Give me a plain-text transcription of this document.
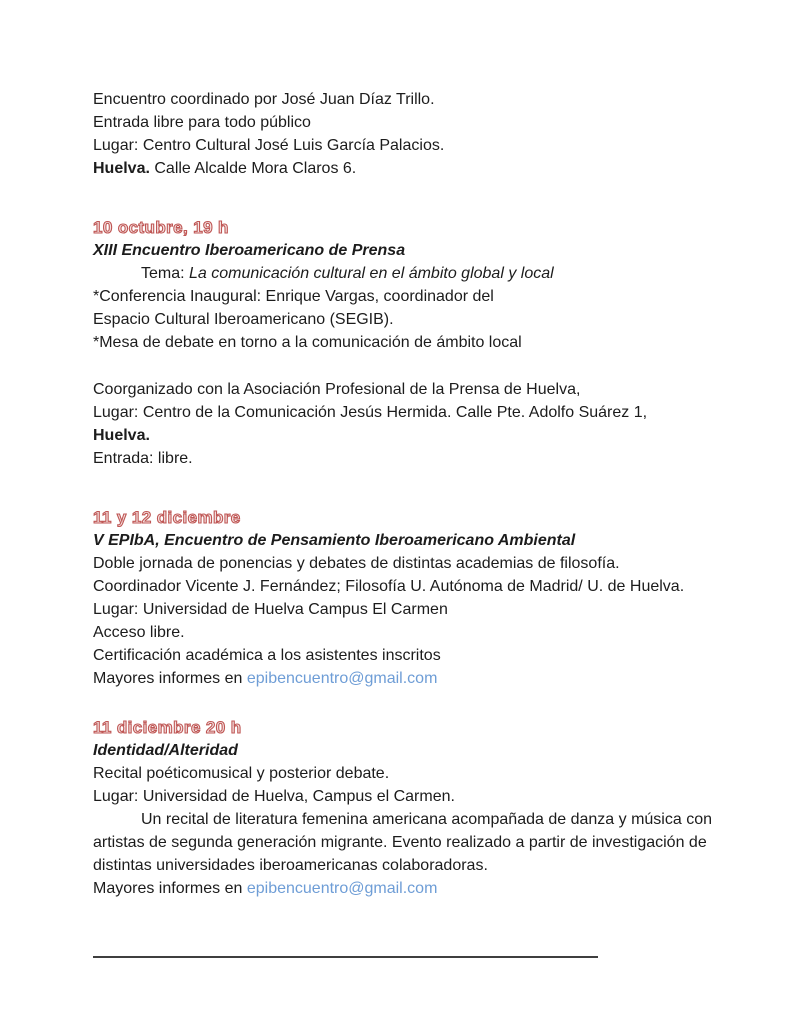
Encuentro coordinado por José Juan Díaz Trillo.
Entrada libre para todo público
Lugar: Centro Cultural José Luis García Palacios.
Huelva. Calle Alcalde Mora Claros 6.
10 octubre, 19 h
XIII Encuentro Iberoamericano de Prensa
Tema: La comunicación cultural en el ámbito global y local
*Conferencia Inaugural: Enrique Vargas, coordinador del
Espacio Cultural Iberoamericano (SEGIB).
*Mesa de debate en torno a la comunicación de ámbito local
Coorganizado con la Asociación Profesional de la Prensa de Huelva,
Lugar: Centro de la Comunicación Jesús Hermida. Calle Pte. Adolfo Suárez 1,
Huelva.
Entrada: libre.
11 y 12 diciembre
V EPIbA, Encuentro de Pensamiento Iberoamericano Ambiental
Doble jornada de ponencias y debates de distintas academias de filosofía.
Coordinador Vicente J. Fernández; Filosofía U. Autónoma de Madrid/ U. de Huelva.
Lugar: Universidad de Huelva Campus El Carmen
Acceso libre.
Certificación académica a los asistentes inscritos
Mayores informes en epibencuentro@gmail.com
11 diciembre 20 h
Identidad/Alteridad
Recital poéticomusical y posterior debate.
Lugar: Universidad de Huelva, Campus el Carmen.
Un recital de literatura femenina americana acompañada de danza y música con artistas de segunda generación migrante. Evento realizado a partir de investigación de distintas universidades iberoamericanas colaboradoras.
Mayores informes en epibencuentro@gmail.com
